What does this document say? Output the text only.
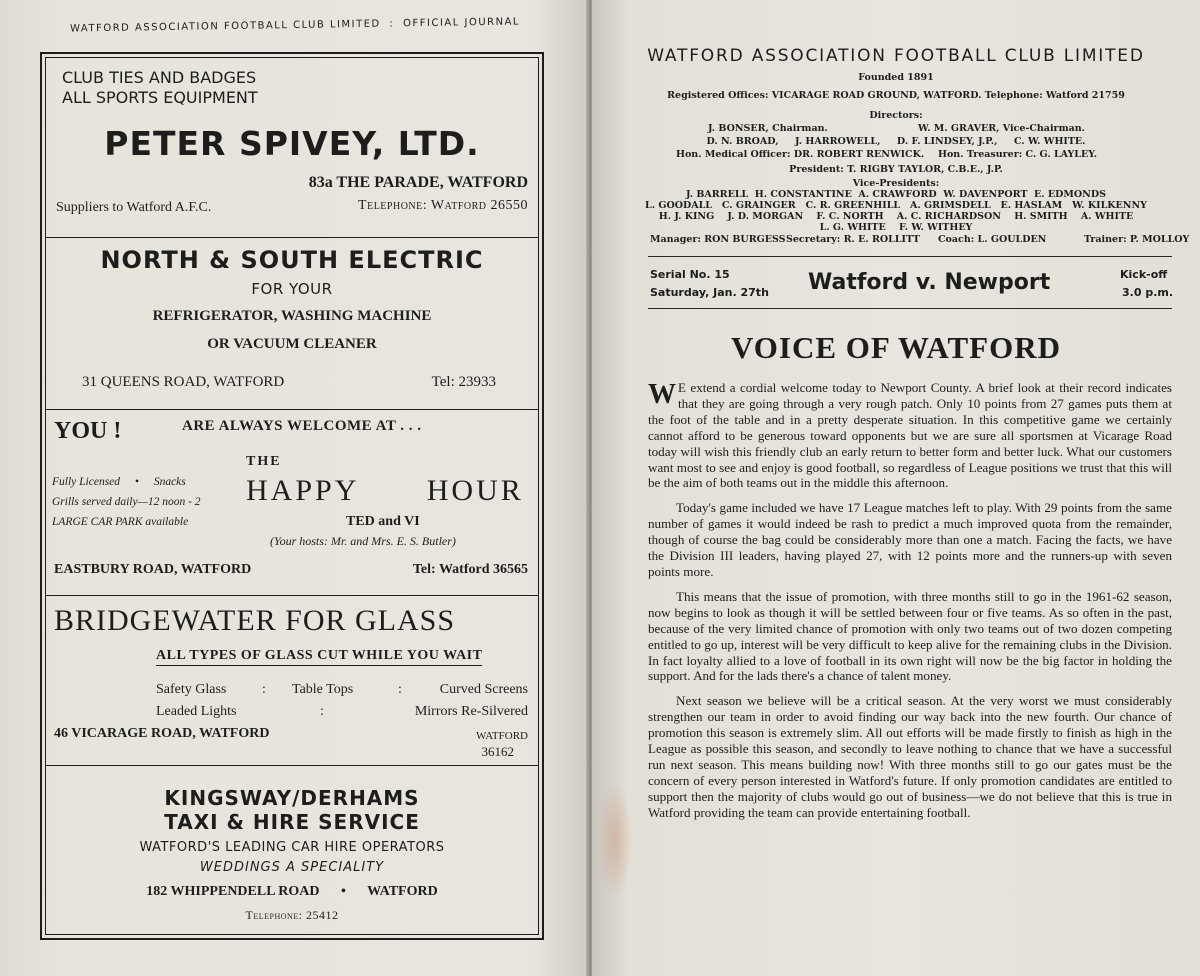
WATFORD ASSOCIATION FOOTBALL CLUB LIMITED : OFFICIAL JOURNAL
CLUB TIES AND BADGES
ALL SPORTS EQUIPMENT
PETER SPIVEY, LTD.
83a THE PARADE, WATFORD
Suppliers to Watford A.F.C.	Telephone: Watford 26550
NORTH & SOUTH ELECTRIC
FOR YOUR
REFRIGERATOR, WASHING MACHINE
OR VACUUM CLEANER
31 QUEENS ROAD, WATFORD	Tel: 23933
YOU !	ARE ALWAYS WELCOME AT . . .
THE
HAPPY HOUR
Fully Licensed • Snacks
Grills served daily—12 noon - 2
LARGE CAR PARK available	TED and VI
(Your hosts: Mr. and Mrs. E. S. Butler)
EASTBURY ROAD, WATFORD	Tel: Watford 36565
BRIDGEWATER FOR GLASS
ALL TYPES OF GLASS CUT WHILE YOU WAIT
Safety Glass	: Table Tops	:	Curved Screens
Leaded Lights	:	Mirrors Re-Silvered
46 VICARAGE ROAD, WATFORD	WATFORD
36162
KINGSWAY/DERHAMS
TAXI & HIRE SERVICE
WATFORD'S LEADING CAR HIRE OPERATORS
WEDDINGS A SPECIALITY
182 WHIPPENDELL ROAD • WATFORD
Telephone: 25412
WATFORD ASSOCIATION FOOTBALL CLUB LIMITED
Founded 1891
Registered Offices: VICARAGE ROAD GROUND, WATFORD. Telephone: Watford 21759
Directors:
J. BONSER, Chairman.	W. M. GRAVER, Vice-Chairman.
D. N. BROAD,     J. HARROWELL,     D. F. LINDSEY, J.P.,     C. W. WHITE.
Hon. Medical Officer: DR. ROBERT RENWICK. Hon. Treasurer: C. G. LAYLEY.
President: T. RIGBY TAYLOR, C.B.E., J.P.
Vice-Presidents:
J. BARRELL  H. CONSTANTINE  A. CRAWFORD  W. DAVENPORT  E. EDMONDS
L. GOODALL   C. GRAINGER   C. R. GREENHILL   A. GRIMSDELL   E. HASLAM   W. KILKENNY
H. J. KING    J. D. MORGAN    F. C. NORTH    A. C. RICHARDSON    H. SMITH    A. WHITE
L. G. WHITE    F. W. WITHEY
Manager: RON BURGESS Secretary: R. E. ROLLITT Coach: L. GOULDEN	Trainer: P. MOLLOY
Serial No. 15
Saturday, Jan. 27th Watford v. Newport	Kick-off
3.0 p.m.
VOICE OF WATFORD

W E extend a cordial welcome today to Newport County. A brief look at their record indicates that they are going through a very rough patch. Only 10 points from 27 games puts them at the foot of the table and in a pretty desperate situation. In this competitive game we certainly cannot afford to be generous toward opponents but we are sure all sportsmen at Vicarage Road today will wish this friendly club an early return to better form and better luck. What our customers want most to see and enjoy is good football, so regardless of League positions we trust that this will be the aim of both teams out in the middle this afternoon.

Today's game included we have 17 League matches left to play. With 29 points from the same number of games it would indeed be rash to predict a much improved quota from the remainder, though of course the bag could be considerably more than one a match. Facing the facts, we have the Division III leaders, having played 27, with 12 points more and the runners-up with seven points more.

This means that the issue of promotion, with three months still to go in the 1961-62 season, now begins to look as though it will be settled between four or five teams. As so often in the past, because of the very limited chance of promotion with only two teams out of two dozen competing entitled to go up, interest will be very difficult to keep alive for the remaining clubs in the Division. In fact loyalty allied to a love of football in its own right will now be the big factor in holding the support. And for the lads there's a chance of talent money.

Next season we believe will be a critical season. At the very worst we must considerably strengthen our team in order to avoid finding our way back into the new fourth. Our chance of promotion this season is extremely slim. All out efforts will be made firstly to finish as high in the League as possible this season, and secondly to leave nothing to chance that we have a successful run next season. This means building now! With three months still to go our gates must be the concern of every person interested in Watford's future. If only promotion candidates are entitled to support then the majority of clubs would go out of business—we do not believe that this is true in Watford providing the team can provide entertaining football.
